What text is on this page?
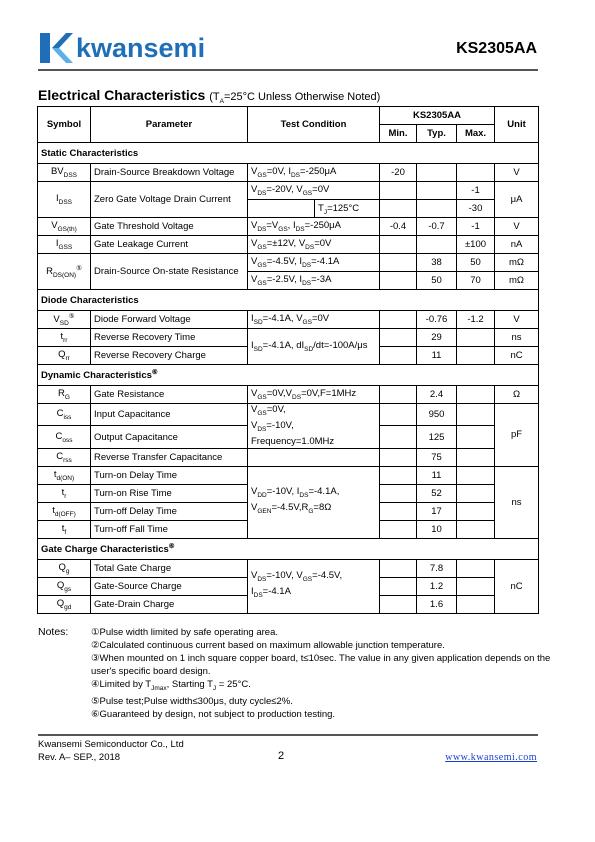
kwansemi	KS2305AA
Electrical Characteristics ($T_A=25^\circ C$ Unless Otherwise Noted)
Symbol	Parameter	Test Condition	KS2305AA			Unit
			Min.	Typ.	Max.	
Static Characteristics						
$BV_{DSS}$	Drain-Source Breakdown Voltage	$V_{GS}=0V$, $I_{DS}=-250\mu A$	-20			V
$I_{DSS}$	Zero Gate Voltage Drain Current	$V_{DS}=-20V$, $V_{GS}=0V$			-1	μA

		$T_J=125^\circ C$			-30	
$V_{GS(th)}$	Gate Threshold Voltage	$V_{DS}=V_{GS}$, $I_{DS}=-250\mu A$	-0.4	-0.7	-1	V
$I_{GSS}$	Gate Leakage Current	$V_{GS}=\pm 12V$, $V_{DS}=0V$			±100	nA
$R_{DS(ON)}^⑤$	Drain-Source On-state Resistance	$V_{GS}=-4.5V$, $I_{DS}=-4.1A$		38	50	mΩ
		$V_{GS}=-2.5V$, $I_{DS}=-3A$		50	70	mΩ
Diode Characteristics						
$V_{SD}^⑤$	Diode Forward Voltage	$I_{SD}=-4.1A$, $V_{GS}=0V$		-0.76	-1.2	V
$t_{rr}$	Reverse Recovery Time	$I_{SD}=-4.1A$, $dI_{SD}/dt=-100A/\mu s$		29		ns
$Q_{rr}$	Reverse Recovery Charge			11		nC
Dynamic Characteristics⑥
$R_G$	Gate Resistance	$V_{GS}=0V,V_{DS}=0V,F=1MHz$		2.4		Ω
$C_{iss}$	Input Capacitance	$V_{GS}=0V$,
$V_{DS}=-10V$,
Frequency=1.0MHz		950		pF
$C_{oss}$	Output Capacitance			125		
$C_{rss}$	Reverse Transfer Capacitance			75		
$t_{d(ON)}$	Turn-on Delay Time	$V_{DD}=-10V$, $I_{DS}=-4.1A$,
$V_{GEN}=-4.5V,R_G=8\Omega$		11		ns
$t_r$	Turn-on Rise Time			52		
$t_{d(OFF)}$	Turn-off Delay Time			17		
$t_f$	Turn-off Fall Time			10		
Gate Charge Characteristics⑥
$Q_g$	Total Gate Charge	$V_{DS}=-10V$, $V_{GS}=-4.5V$,
$I_{DS}=-4.1A$		7.8		nC
$Q_{gs}$	Gate-Source Charge			1.2		
$Q_{gd}$	Gate-Drain Charge			1.6		
Notes: ①Pulse width limited by safe operating area.
②Calculated continuous current based on maximum allowable junction temperature.
③When mounted on 1 inch square copper board, t≤10sec. The value in any given application depends on the user's specific board design.
④Limited by $T_{Jmax}$, Starting $T_J = 25^\circ C$.
⑤Pulse test;Pulse width≤300μs, duty cycle≤2%.
⑥Guaranteed by design, not subject to production testing.
Kwansemi Semiconductor Co., Ltd
Rev. A– SEP., 2018	2	www.kwansemi.com
